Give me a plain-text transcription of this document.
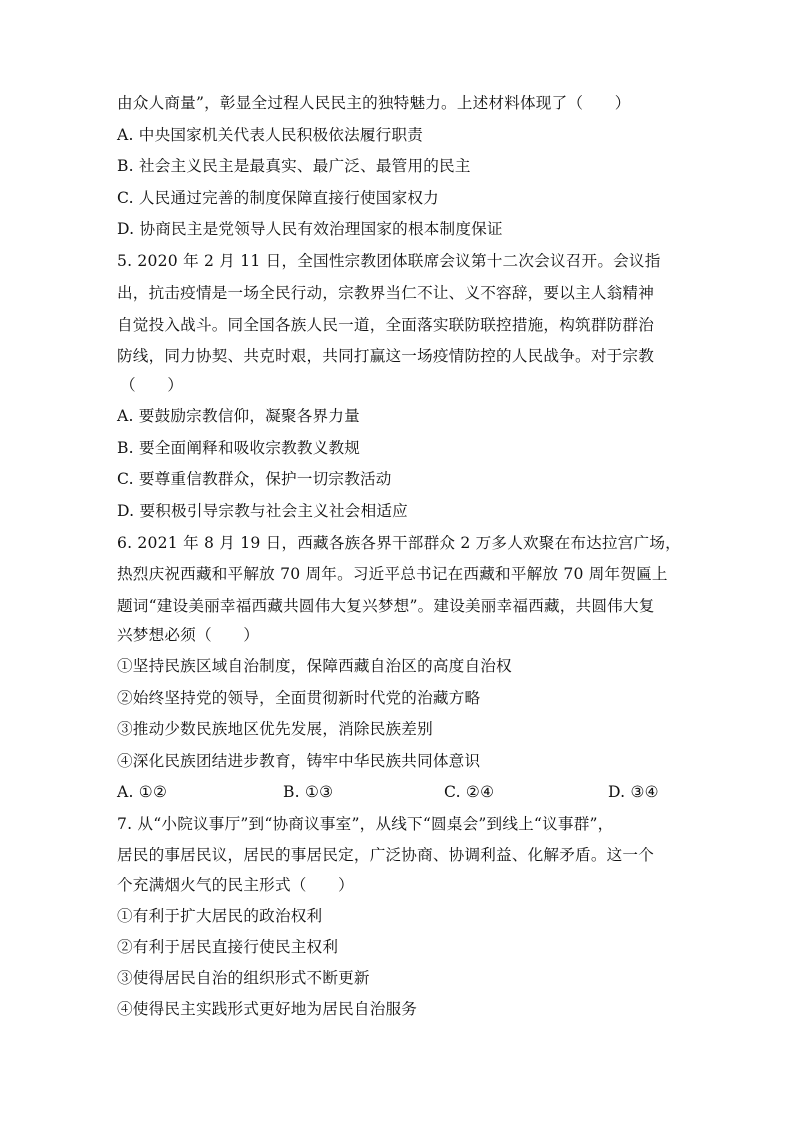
由众人商量”，彰显全过程人民民主的独特魅力。上述材料体现了（　　）
A. 中央国家机关代表人民积极依法履行职责
B. 社会主义民主是最真实、最广泛、最管用的民主
C. 人民通过完善的制度保障直接行使国家权力
D. 协商民主是党领导人民有效治理国家的根本制度保证
5. 2020 年 2 月 11 日，全国性宗教团体联席会议第十二次会议召开。会议指
出，抗击疫情是一场全民行动，宗教界当仁不让、义不容辞，要以主人翁精神
自觉投入战斗。同全国各族人民一道，全面落实联防联控措施，构筑群防群治
防线，同力协契、共克时艰，共同打赢这一场疫情防控的人民战争。对于宗教
（　　）
A. 要鼓励宗教信仰，凝聚各界力量
B. 要全面阐释和吸收宗教教义教规
C. 要尊重信教群众，保护一切宗教活动
D. 要积极引导宗教与社会主义社会相适应
6. 2021 年 8 月 19 日，西藏各族各界干部群众 2 万多人欢聚在布达拉宫广场，
热烈庆祝西藏和平解放 70 周年。习近平总书记在西藏和平解放 70 周年贺匾上
题词“建设美丽幸福西藏共圆伟大复兴梦想”。建设美丽幸福西藏，共圆伟大复
兴梦想必须（　　）
①坚持民族区域自治制度，保障西藏自治区的高度自治权
②始终坚持党的领导，全面贯彻新时代党的治藏方略
③推动少数民族地区优先发展，消除民族差别
④深化民族团结进步教育，铸牢中华民族共同体意识
A. ①②	B. ①③	C. ②④	D. ③④
7. 从“小院议事厅”到“协商议事室”，从线下“圆桌会”到线上“议事群”，
居民的事居民议，居民的事居民定，广泛协商、协调利益、化解矛盾。这一个
个充满烟火气的民主形式（　　）
①有利于扩大居民的政治权利
②有利于居民直接行使民主权利
③使得居民自治的组织形式不断更新
④使得民主实践形式更好地为居民自治服务
